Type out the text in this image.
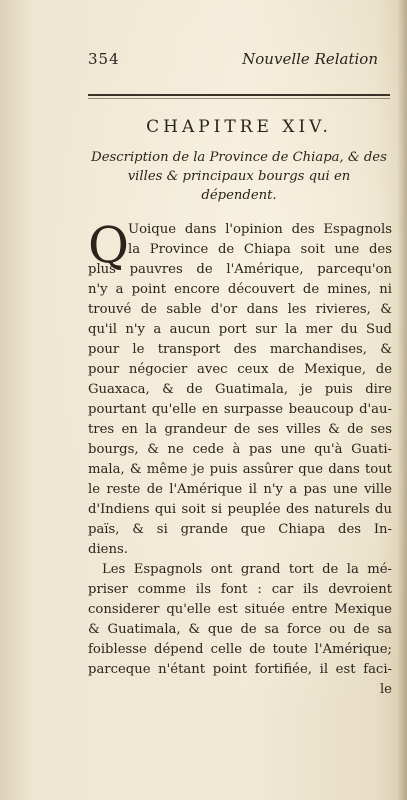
354	Nouvelle Relation
CHAPITRE XIV.
Description de la Province de Chiapa, & des
villes & principaux bourgs qui en
dépendent.
Q Uoique dans l'opinion des Espagnols
la Province de Chiapa soit une des
plus pauvres de l'Amérique, parcequ'on
n'y a point encore découvert de mines, ni
trouvé de sable d'or dans les rivieres, &
qu'il n'y a aucun port sur la mer du Sud
pour le transport des marchandises, &
pour négocier avec ceux de Mexique, de
Guaxaca, & de Guatimala, je puis dire
pourtant qu'elle en surpasse beaucoup d'au-
tres en la grandeur de ses villes & de ses
bourgs, & ne cede à pas une qu'à Guati-
mala, & même je puis assûrer que dans tout
le reste de l'Amérique il n'y a pas une ville
d'Indiens qui soit si peuplée des naturels du
païs, & si grande que Chiapa des In-
diens.
Les Espagnols ont grand tort de la mé-
priser comme ils font : car ils devroient
considerer qu'elle est située entre Mexique
& Guatimala, & que de sa force ou de sa
foiblesse dépend celle de toute l'Amérique;
parceque n'étant point fortifiée, il est faci-
le
